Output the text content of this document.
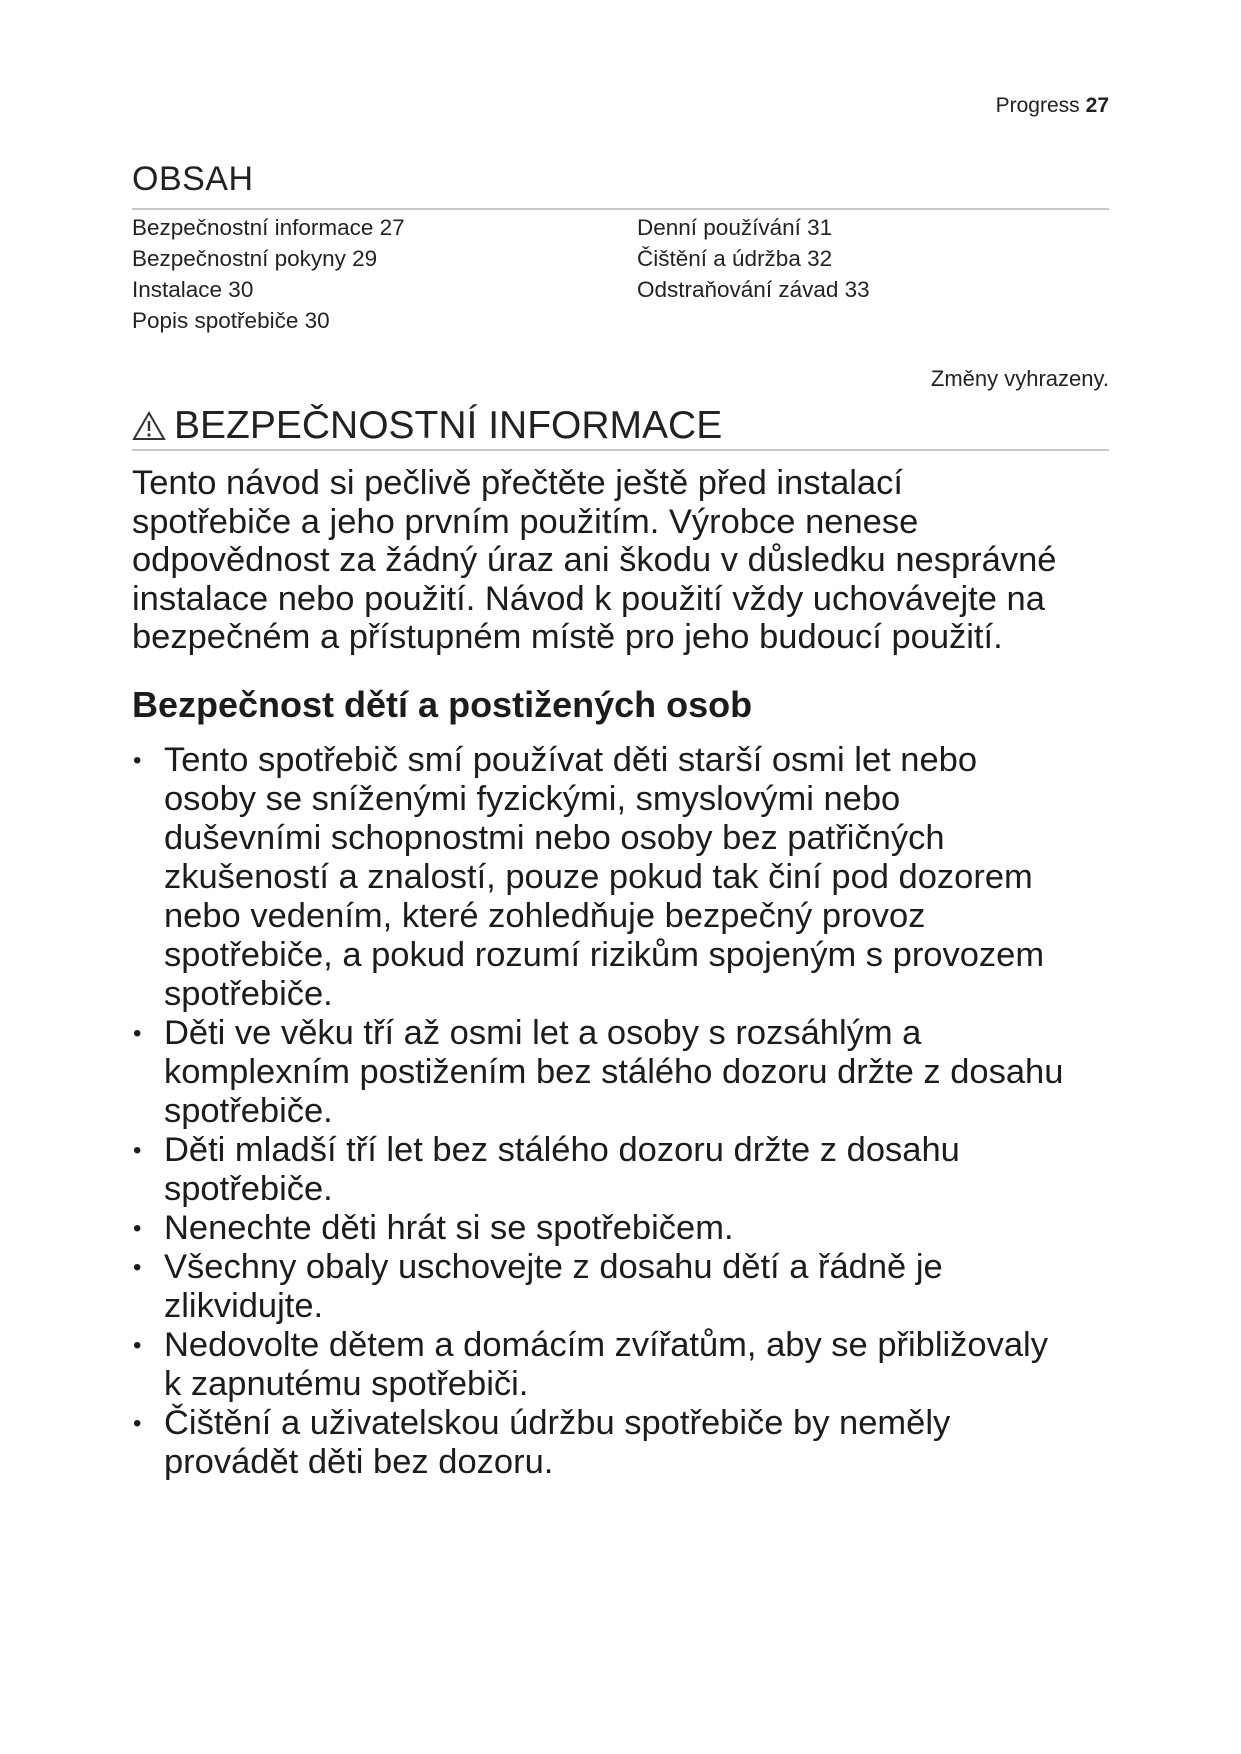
Progress 27
OBSAH
Bezpečnostní informace 27
Bezpečnostní pokyny 29
Instalace 30
Popis spotřebiče 30
Denní používání 31
Čištění a údržba 32
Odstraňování závad 33
Změny vyhrazeny.
BEZPEČNOSTNÍ INFORMACE
Tento návod si pečlivě přečtěte ještě před instalací
spotřebiče a jeho prvním použitím. Výrobce nenese
odpovědnost za žádný úraz ani škodu v důsledku nesprávné
instalace nebo použití. Návod k použití vždy uchovávejte na
bezpečném a přístupném místě pro jeho budoucí použití.
Bezpečnost dětí a postižených osob
• Tento spotřebič smí používat děti starší osmi let nebo
osoby se sníženými fyzickými, smyslovými nebo
duševními schopnostmi nebo osoby bez patřičných
zkušeností a znalostí, pouze pokud tak činí pod dozorem
nebo vedením, které zohledňuje bezpečný provoz
spotřebiče, a pokud rozumí rizikům spojeným s provozem
spotřebiče.
• Děti ve věku tří až osmi let a osoby s rozsáhlým a
komplexním postižením bez stálého dozoru držte z dosahu
spotřebiče.
• Děti mladší tří let bez stálého dozoru držte z dosahu
spotřebiče.
• Nenechte děti hrát si se spotřebičem.
• Všechny obaly uschovejte z dosahu dětí a řádně je
zlikvidujte.
• Nedovolte dětem a domácím zvířatům, aby se přibližovaly
k zapnutému spotřebiči.
• Čištění a uživatelskou údržbu spotřebiče by neměly
provádět děti bez dozoru.
